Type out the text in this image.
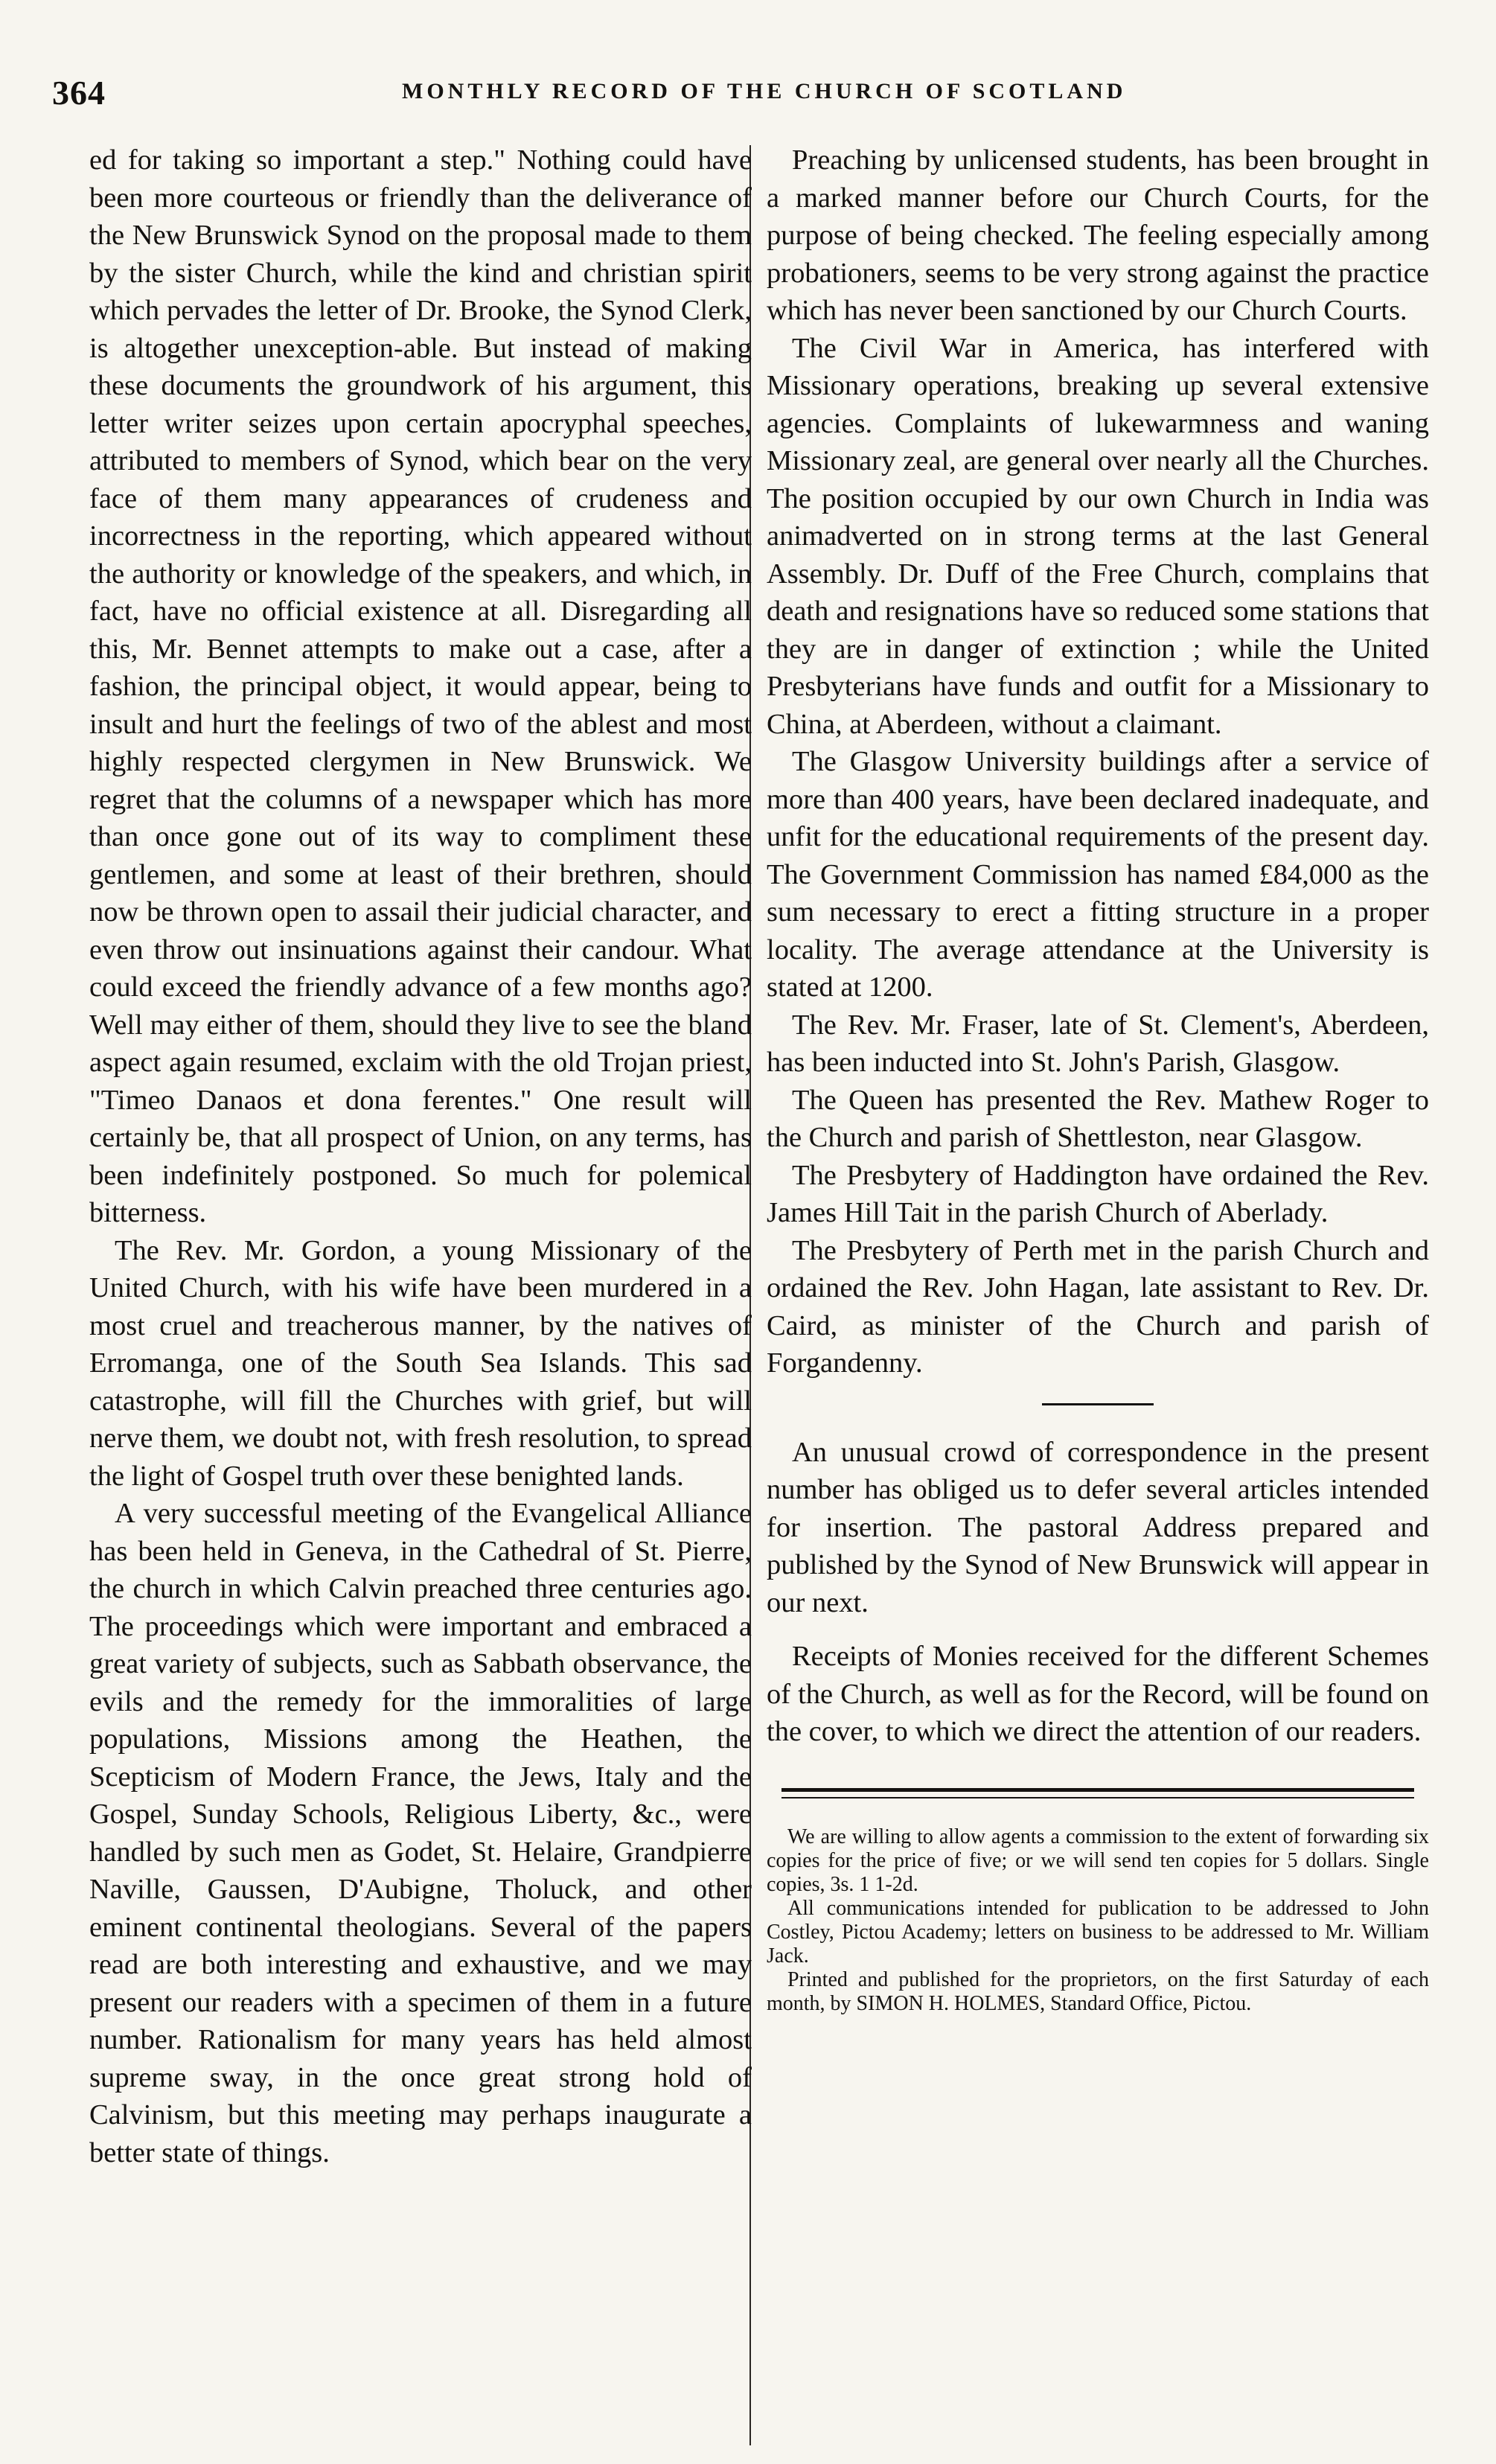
364	MONTHLY RECORD OF THE CHURCH OF SCOTLAND

ed for taking so important a step." Nothing could have been more courteous or friendly than the deliverance of the New Brunswick Synod on the proposal made to them by the sister Church, while the kind and christian spirit which pervades the letter of Dr. Brooke, the Synod Clerk, is altogether unexception-able. But instead of making these documents the groundwork of his argument, this letter writer seizes upon certain apocryphal speeches, attributed to members of Synod, which bear on the very face of them many appearances of crudeness and incorrectness in the reporting, which appeared without the authority or knowledge of the speakers, and which, in fact, have no official existence at all. Disregarding all this, Mr. Bennet attempts to make out a case, after a fashion, the principal object, it would appear, being to insult and hurt the feelings of two of the ablest and most highly respected clergymen in New Brunswick. We regret that the columns of a newspaper which has more than once gone out of its way to compliment these gentlemen, and some at least of their brethren, should now be thrown open to assail their judicial character, and even throw out insinuations against their candour. What could exceed the friendly advance of a few months ago? Well may either of them, should they live to see the bland aspect again resumed, exclaim with the old Trojan priest, "Timeo Danaos et dona ferentes." One result will certainly be, that all prospect of Union, on any terms, has been indefinitely postponed. So much for polemical bitterness.

The Rev. Mr. Gordon, a young Missionary of the United Church, with his wife have been murdered in a most cruel and treacherous manner, by the natives of Erromanga, one of the South Sea Islands. This sad catastrophe, will fill the Churches with grief, but will nerve them, we doubt not, with fresh resolution, to spread the light of Gospel truth over these benighted lands.

A very successful meeting of the Evangelical Alliance has been held in Geneva, in the Cathedral of St. Pierre, the church in which Calvin preached three centuries ago. The proceedings which were important and embraced a great variety of subjects, such as Sabbath observance, the evils and the remedy for the immoralities of large populations, Missions among the Heathen, the Scepticism of Modern France, the Jews, Italy and the Gospel, Sunday Schools, Religious Liberty, &c., were handled by such men as Godet, St. Helaire, Grandpierre Naville, Gaussen, D'Aubigne, Tholuck, and other eminent continental theologians. Several of the papers read are both interesting and exhaustive, and we may present our readers with a specimen of them in a future number. Rationalism for many years has held almost supreme sway, in the once great strong hold of Calvinism, but this meeting may perhaps inaugurate a better state of things.

Preaching by unlicensed students, has been brought in a marked manner before our Church Courts, for the purpose of being checked. The feeling especially among probationers, seems to be very strong against the practice which has never been sanctioned by our Church Courts.

The Civil War in America, has interfered with Missionary operations, breaking up several extensive agencies. Complaints of lukewarmness and waning Missionary zeal, are general over nearly all the Churches. The position occupied by our own Church in India was animadverted on in strong terms at the last General Assembly. Dr. Duff of the Free Church, complains that death and resignations have so reduced some stations that they are in danger of extinction ; while the United Presbyterians have funds and outfit for a Missionary to China, at Aberdeen, without a claimant.

The Glasgow University buildings after a service of more than 400 years, have been declared inadequate, and unfit for the educational requirements of the present day. The Government Commission has named £84,000 as the sum necessary to erect a fitting structure in a proper locality. The average attendance at the University is stated at 1200.

The Rev. Mr. Fraser, late of St. Clement's, Aberdeen, has been inducted into St. John's Parish, Glasgow.

The Queen has presented the Rev. Mathew Roger to the Church and parish of Shettleston, near Glasgow.

The Presbytery of Haddington have ordained the Rev. James Hill Tait in the parish Church of Aberlady.

The Presbytery of Perth met in the parish Church and ordained the Rev. John Hagan, late assistant to Rev. Dr. Caird, as minister of the Church and parish of Forgandenny.

An unusual crowd of correspondence in the present number has obliged us to defer several articles intended for insertion. The pastoral Address prepared and published by the Synod of New Brunswick will appear in our next.

Receipts of Monies received for the different Schemes of the Church, as well as for the Record, will be found on the cover, to which we direct the attention of our readers.

We are willing to allow agents a commission to the extent of forwarding six copies for the price of five; or we will send ten copies for 5 dollars. Single copies, 3s. 1 1-2d.

All communications intended for publication to be addressed to John Costley, Pictou Academy; letters on business to be addressed to Mr. William Jack.

Printed and published for the proprietors, on the first Saturday of each month, by SIMON H. HOLMES, Standard Office, Pictou.
